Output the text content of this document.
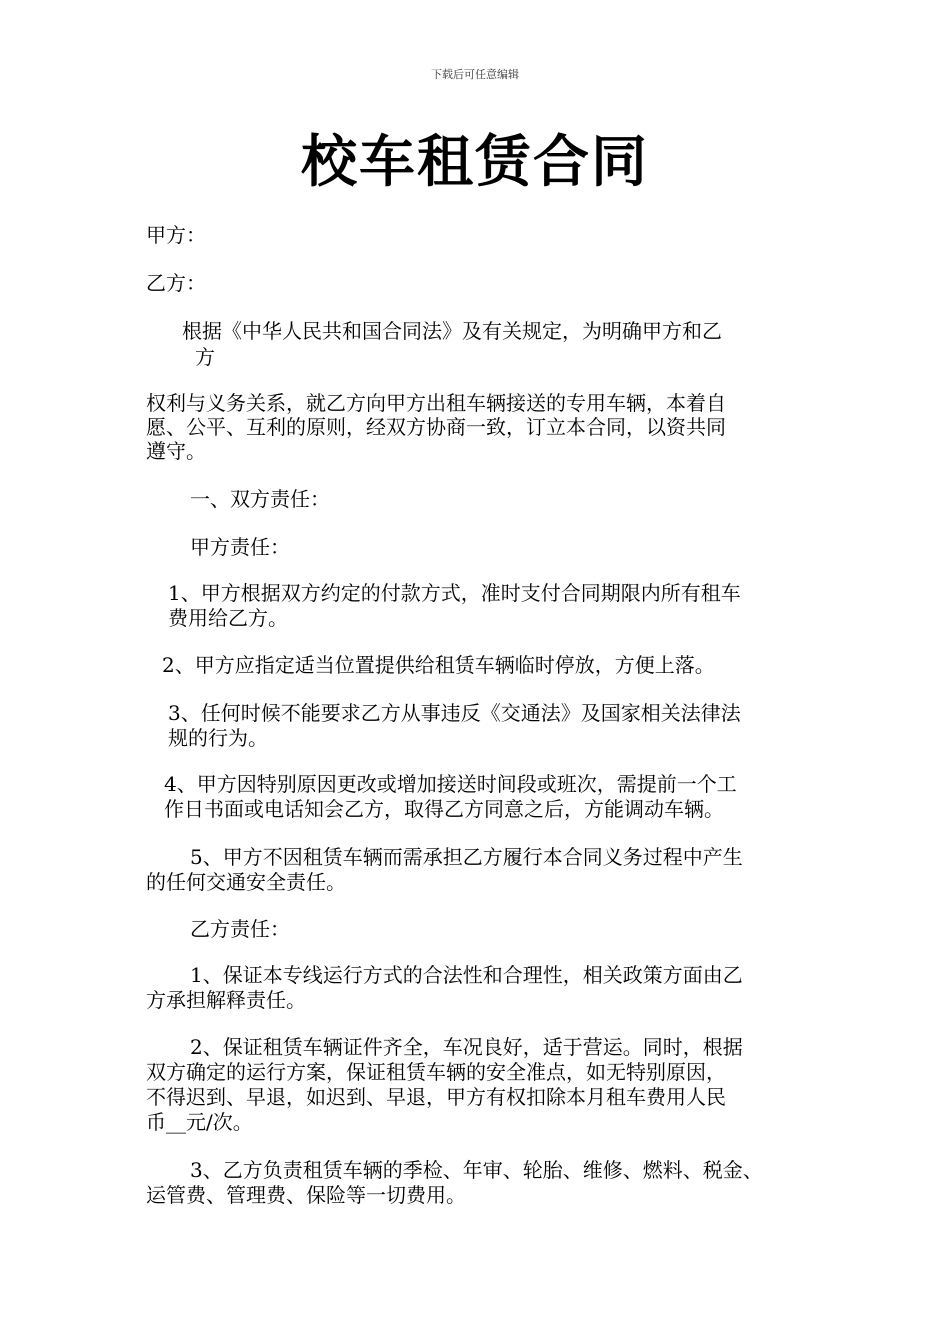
下载后可任意编辑
校车租赁合同
甲方：
乙方：
根据《中华人民共和国合同法》及有关规定，为明确甲方和乙
方
权利与义务关系，就乙方向甲方出租车辆接送的专用车辆，本着自
愿、公平、互利的原则，经双方协商一致，订立本合同，以资共同
遵守。
一、双方责任：
甲方责任：
1、甲方根据双方约定的付款方式，准时支付合同期限内所有租车
费用给乙方。
2、甲方应指定适当位置提供给租赁车辆临时停放，方便上落。
3、任何时候不能要求乙方从事违反《交通法》及国家相关法律法
规的行为。
4、甲方因特别原因更改或增加接送时间段或班次，需提前一个工
作日书面或电话知会乙方，取得乙方同意之后，方能调动车辆。
5、甲方不因租赁车辆而需承担乙方履行本合同义务过程中产生
的任何交通安全责任。
乙方责任：
1、保证本专线运行方式的合法性和合理性，相关政策方面由乙
方承担解释责任。
2、保证租赁车辆证件齐全，车况良好，适于营运。同时，根据
双方确定的运行方案，保证租赁车辆的安全准点，如无特别原因，
不得迟到、早退，如迟到、早退，甲方有权扣除本月租车费用人民
币__元/次。
3、乙方负责租赁车辆的季检、年审、轮胎、维修、燃料、税金、
运管费、管理费、保险等一切费用。
